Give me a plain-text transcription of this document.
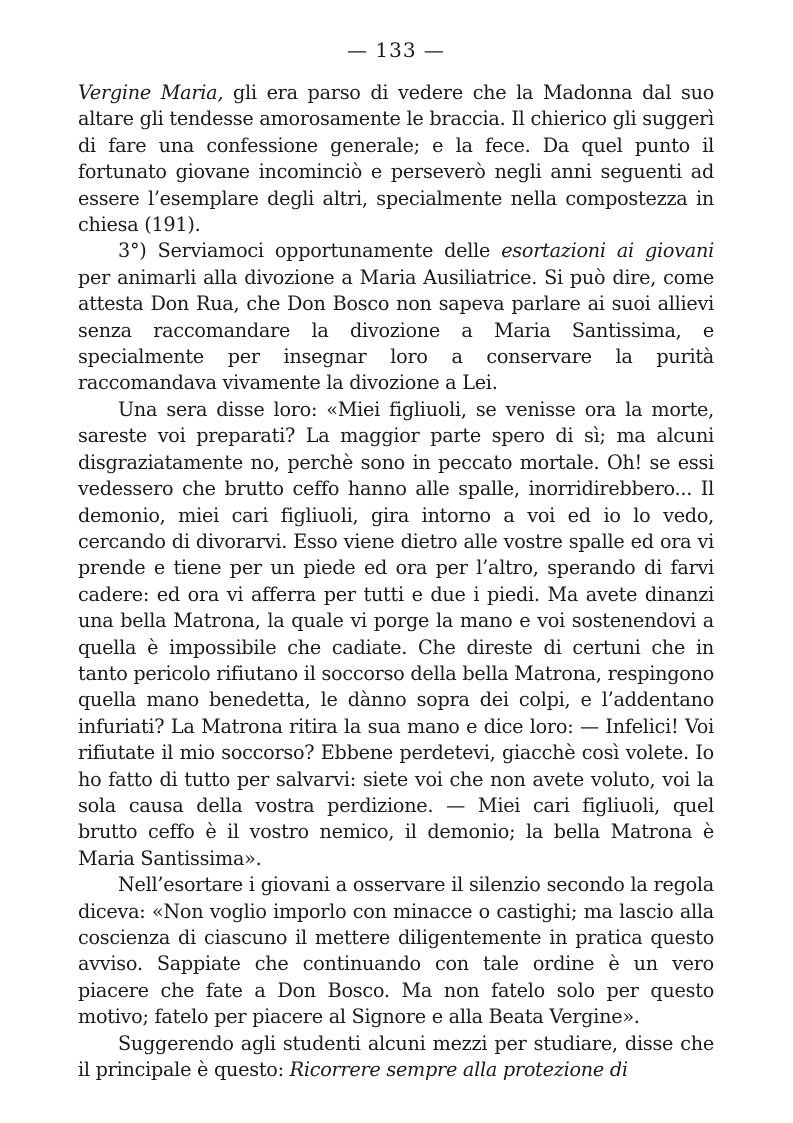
— 133 —

Vergine Maria, gli era parso di vedere che la Madonna dal suo altare gli tendesse amorosamente le braccia. Il chierico gli suggerì di fare una confessione generale; e la fece. Da quel punto il fortunato giovane incominciò e perseverò negli anni seguenti ad essere l’esemplare degli altri, specialmente nella compostezza in chiesa (191).

3°) Serviamoci opportunamente delle esortazioni ai giovani per animarli alla divozione a Maria Ausiliatrice. Si può dire, come attesta Don Rua, che Don Bosco non sapeva parlare ai suoi allievi senza raccomandare la divozione a Maria Santissima, e specialmente per insegnar loro a conservare la purità raccomandava vivamente la divozione a Lei.

Una sera disse loro: «Miei figliuoli, se venisse ora la morte, sareste voi preparati? La maggior parte spero di sì; ma alcuni disgraziatamente no, perchè sono in peccato mortale. Oh! se essi vedessero che brutto ceffo hanno alle spalle, inorridirebbero... Il demonio, miei cari figliuoli, gira intorno a voi ed io lo vedo, cercando di divorarvi. Esso viene dietro alle vostre spalle ed ora vi prende e tiene per un piede ed ora per l’altro, sperando di farvi cadere: ed ora vi afferra per tutti e due i piedi. Ma avete dinanzi una bella Matrona, la quale vi porge la mano e voi sostenendovi a quella è impossibile che cadiate. Che direste di certuni che in tanto pericolo rifiutano il soccorso della bella Matrona, respingono quella mano benedetta, le dànno sopra dei colpi, e l’addentano infuriati? La Matrona ritira la sua mano e dice loro: — Infelici! Voi rifiutate il mio soccorso? Ebbene perdetevi, giacchè così volete. Io ho fatto di tutto per salvarvi: siete voi che non avete voluto, voi la sola causa della vostra perdizione. — Miei cari figliuoli, quel brutto ceffo è il vostro nemico, il demonio; la bella Matrona è Maria Santissima».

Nell’esortare i giovani a osservare il silenzio secondo la regola diceva: «Non voglio imporlo con minacce o castighi; ma lascio alla coscienza di ciascuno il mettere diligentemente in pratica questo avviso. Sappiate che continuando con tale ordine è un vero piacere che fate a Don Bosco. Ma non fatelo solo per questo motivo; fatelo per piacere al Signore e alla Beata Vergine».

Suggerendo agli studenti alcuni mezzi per studiare, disse che il principale è questo: Ricorrere sempre alla protezione di
